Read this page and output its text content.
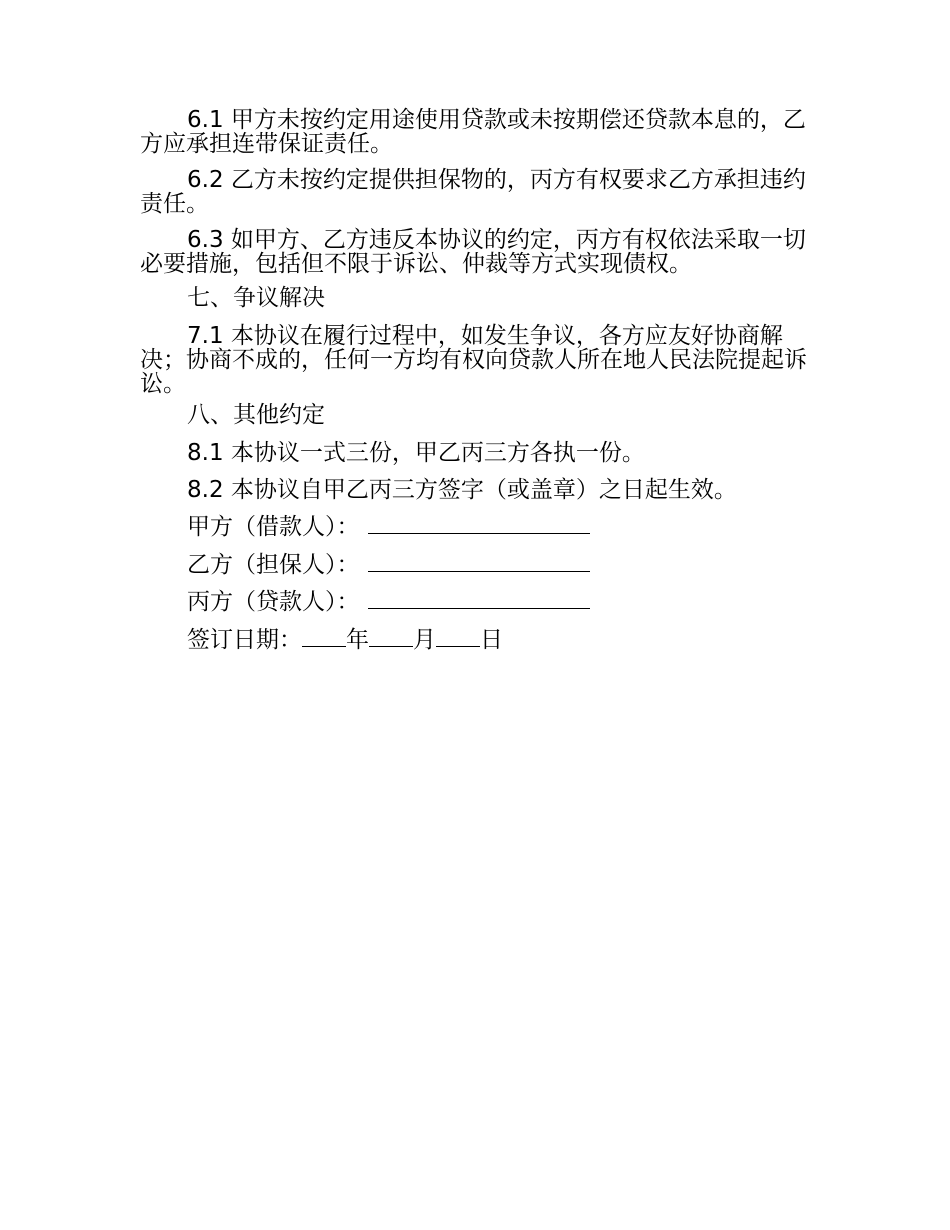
6.1 甲方未按约定用途使用贷款或未按期偿还贷款本息的，乙方应承担连带保证责任。
6.2 乙方未按约定提供担保物的，丙方有权要求乙方承担违约责任。
6.3 如甲方、乙方违反本协议的约定，丙方有权依法采取一切必要措施，包括但不限于诉讼、仲裁等方式实现债权。
七、争议解决
7.1 本协议在履行过程中，如发生争议，各方应友好协商解决；协商不成的，任何一方均有权向贷款人所在地人民法院提起诉讼。
八、其他约定
8.1 本协议一式三份，甲乙丙三方各执一份。
8.2 本协议自甲乙丙三方签字（或盖章）之日起生效。
甲方（借款人）：
乙方（担保人）：
丙方（贷款人）：
签订日期： 年 月 日
